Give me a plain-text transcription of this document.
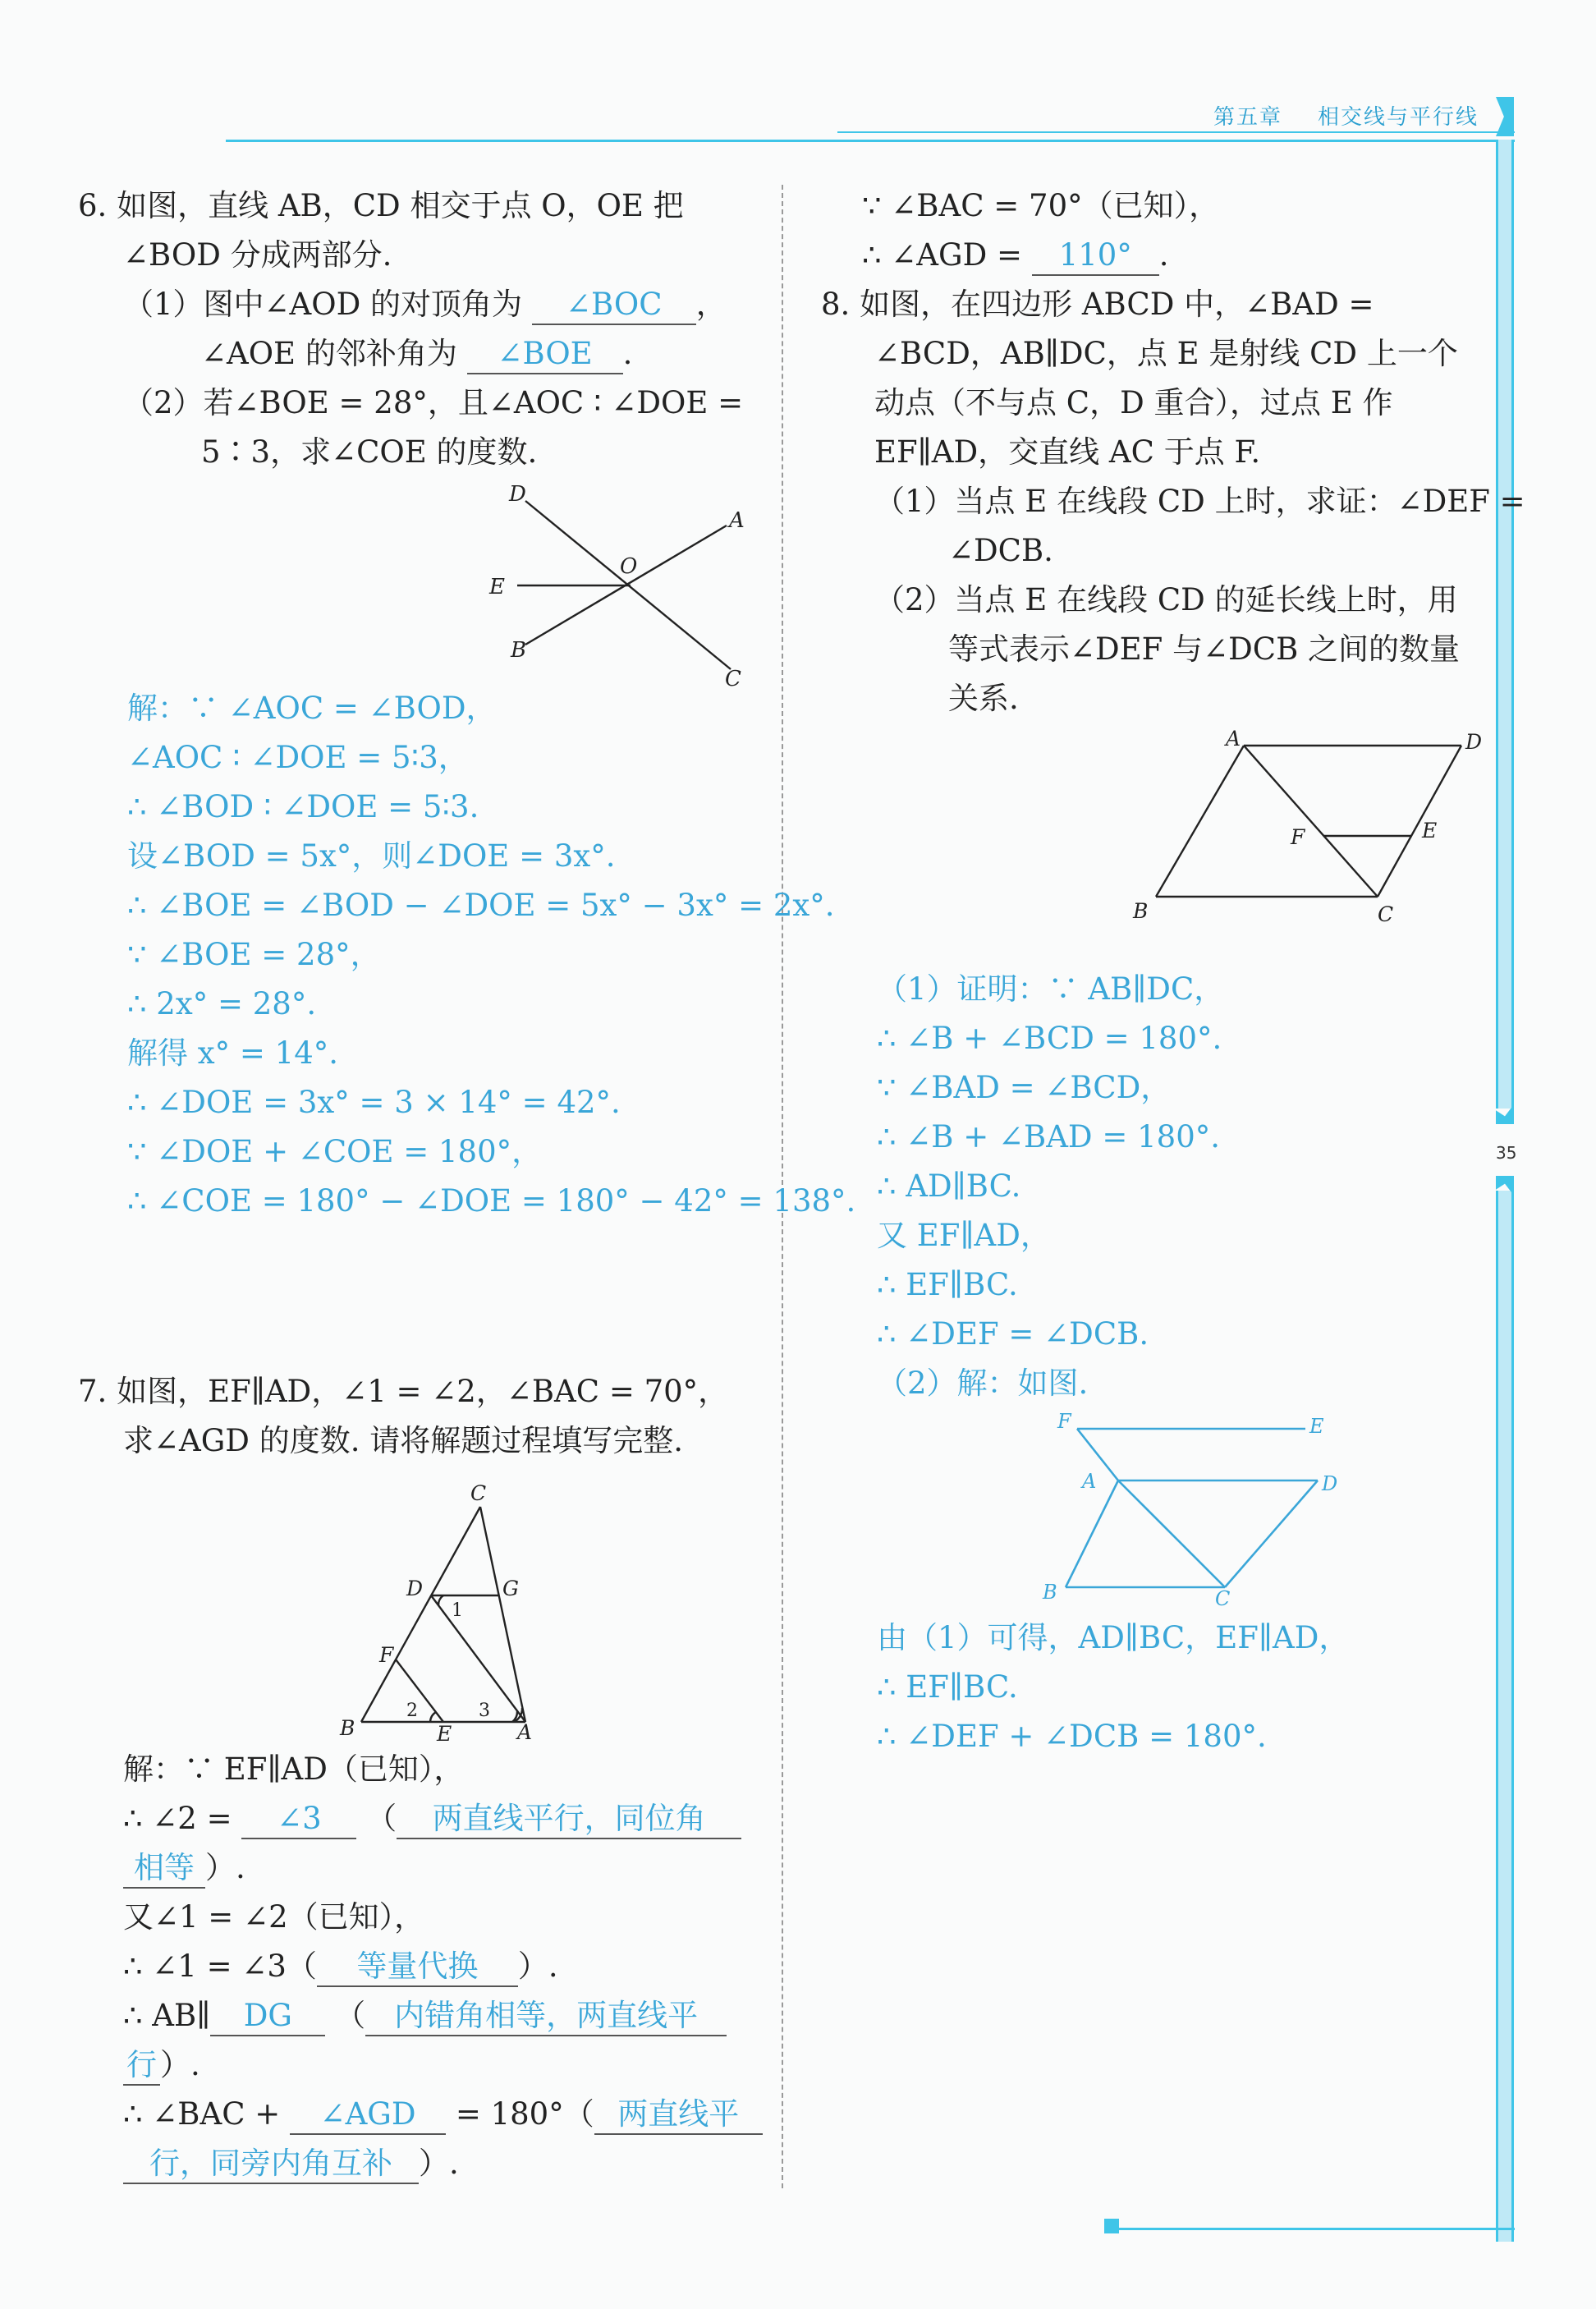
第五章 相交线与平行线
35
6. 如图，直线 AB，CD 相交于点 O，OE 把
∠BOD 分成两部分.
（1）图中∠AOD 的对顶角为 ∠BOC ，
∠AOE 的邻补角为 ∠BOE .
（2）若∠BOE = 28°，且∠AOC ∶ ∠DOE =
5∶3，求∠COE 的度数.
D
A
O
E
B
C
解：∵ ∠AOC = ∠BOD，
∠AOC ∶ ∠DOE = 5∶3，
∴ ∠BOD ∶ ∠DOE = 5∶3.
设∠BOD = 5x°，则∠DOE = 3x°.
∴ ∠BOE = ∠BOD − ∠DOE = 5x° − 3x° = 2x°.
∵ ∠BOE = 28°，
∴ 2x° = 28°.
解得 x° = 14°.
∴ ∠DOE = 3x° = 3 × 14° = 42°.
∵ ∠DOE + ∠COE = 180°，
∴ ∠COE = 180° − ∠DOE = 180° − 42° = 138°.
7. 如图，EF∥AD，∠1 = ∠2，∠BAC = 70°，
求∠AGD 的度数. 请将解题过程填写完整.
C
D	G
F
B	E	A
1
2	3
解：∵ EF∥AD（已知），
∴ ∠2 = ∠3 （ 两直线平行，同位角
相等 ）.
又∠1 = ∠2（已知），
∴ ∠1 = ∠3（ 等量代换 ）.
∴ AB∥ DG （ 内错角相等，两直线平
行 ）.
∴ ∠BAC + ∠AGD = 180°（ 两直线平
行，同旁内角互补 ）.
∵ ∠BAC = 70°（已知），
∴ ∠AGD = 110° .
8. 如图，在四边形 ABCD 中，∠BAD =
∠BCD，AB∥DC，点 E 是射线 CD 上一个
动点（不与点 C，D 重合），过点 E 作
EF∥AD，交直线 AC 于点 F.
（1）当点 E 在线段 CD 上时，求证：∠DEF =
∠DCB.
（2）当点 E 在线段 CD 的延长线上时，用
等式表示∠DEF 与∠DCB 之间的数量
关系.
A	D
F	E
B	C
（1）证明：∵ AB∥DC，
∴ ∠B + ∠BCD = 180°.
∵ ∠BAD = ∠BCD，
∴ ∠B + ∠BAD = 180°.
∴ AD∥BC.
又 EF∥AD，
∴ EF∥BC.
∴ ∠DEF = ∠DCB.
（2）解：如图.
F	E
A	D
B	C
由（1）可得，AD∥BC，EF∥AD，
∴ EF∥BC.
∴ ∠DEF + ∠DCB = 180°.
